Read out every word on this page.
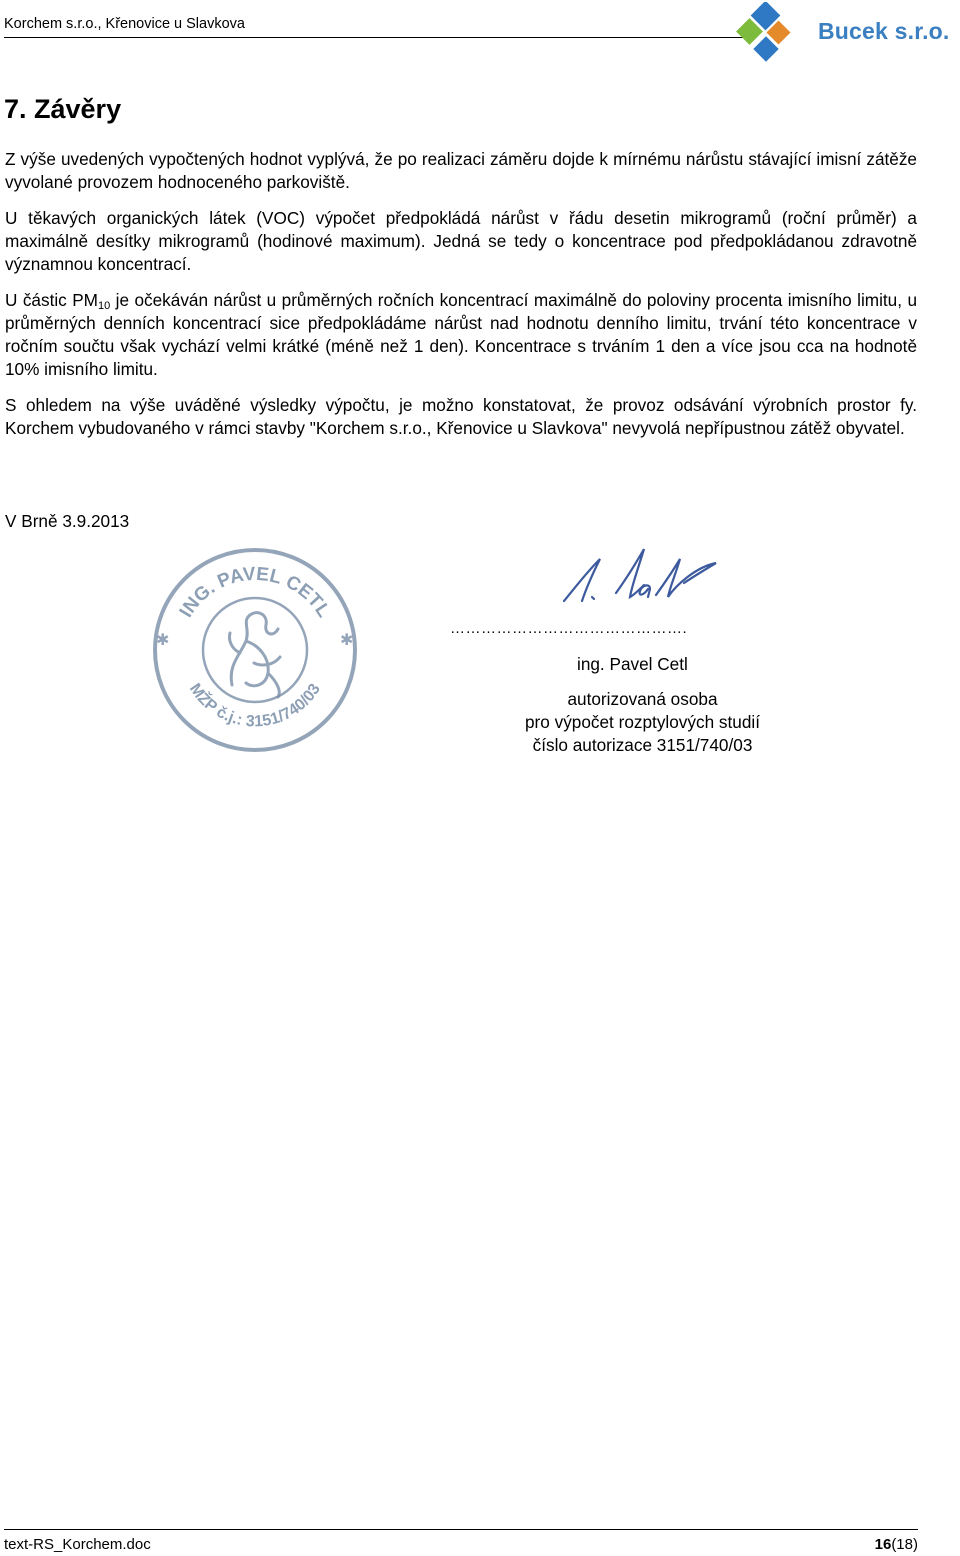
Korchem s.r.o., Křenovice u Slavkova	Bucek s.r.o.
7. Závěry

Z výše uvedených vypočtených hodnot vyplývá, že po realizaci záměru dojde k mírnému nárůstu stávající imisní zátěže vyvolané provozem hodnoceného parkoviště.

U těkavých organických látek (VOC) výpočet předpokládá nárůst v řádu desetin mikrogramů (roční průměr) a maximálně desítky mikrogramů (hodinové maximum). Jedná se tedy o koncentrace pod předpokládanou zdravotně významnou koncentrací.

U částic $PM_{10}$ je očekáván nárůst u průměrných ročních koncentrací maximálně do poloviny procenta imisního limitu, u průměrných denních koncentrací sice předpokládáme nárůst nad hodnotu denního limitu, trvání této koncentrace v ročním součtu však vychází velmi krátké (méně než 1 den). Koncentrace s trváním 1 den a více jsou cca na hodnotě 10% imisního limitu.

S ohledem na výše uváděné výsledky výpočtu, je možno konstatovat, že provoz odsávání výrobních prostor fy. Korchem vybudovaného v rámci stavby "Korchem s.r.o., Křenovice u Slavkova" nevyvolá nepřípustnou zátěž obyvatel.

V Brně 3.9.2013
ING. PAVEL CETL
MŽP č.j.: 3151/740/03
✱	✱
……………………………………….
ing. Pavel Cetl
autorizovaná osoba
pro výpočet rozptylových studií
číslo autorizace 3151/740/03
text-RS_Korchem.doc	16(18)
